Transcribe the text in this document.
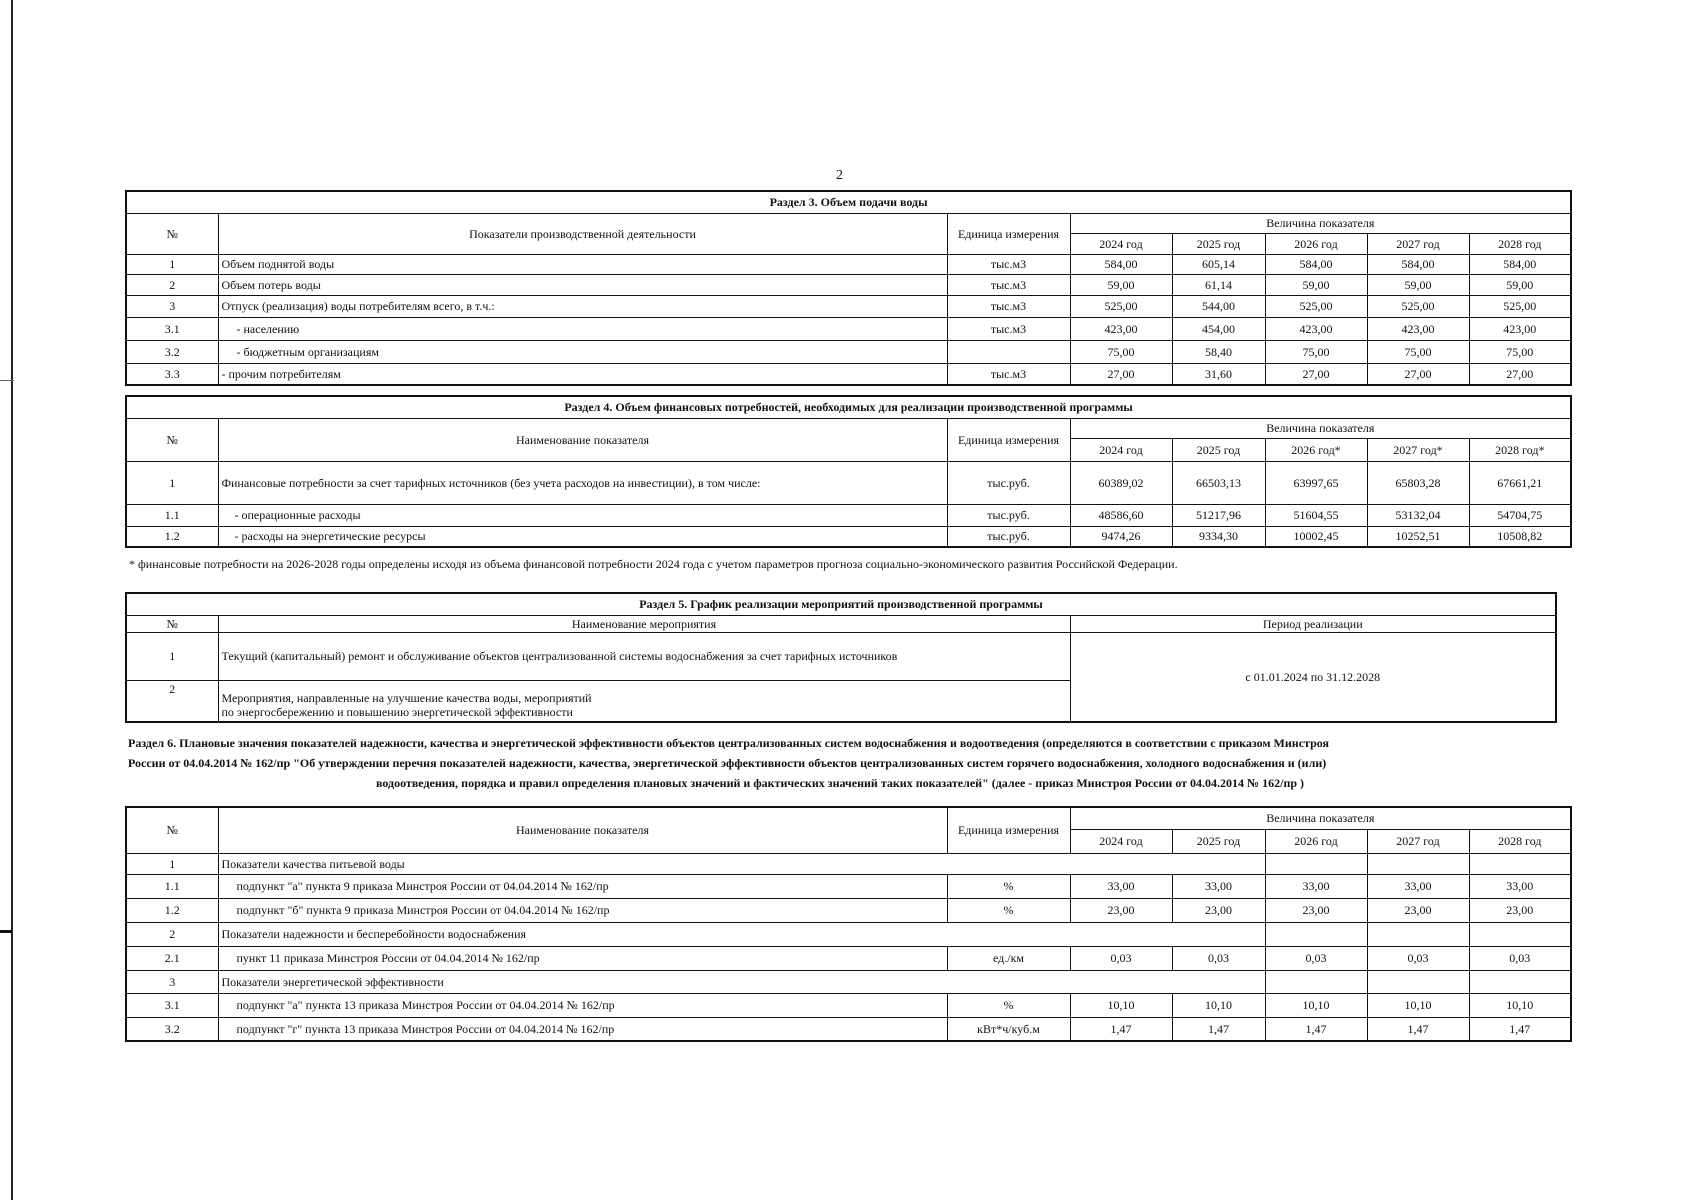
2
Раздел 3. Объем подачи воды							
№	Показатели производственной деятельности	Единица измерения	Величина показателя				
			2024 год	2025 год	2026 год	2027 год	2028 год
1	Объем поднятой воды	тыс.м3	584,00	605,14	584,00	584,00	584,00
2	Объем потерь воды	тыс.м3	59,00	61,14	59,00	59,00	59,00
3	Отпуск (реализация) воды потребителям всего, в т.ч.:	тыс.м3	525,00	544,00	525,00	525,00	525,00
3.1	- населению	тыс.м3	423,00	454,00	423,00	423,00	423,00
3.2	- бюджетным организациям		75,00	58,40	75,00	75,00	75,00
3.3	- прочим потребителям	тыс.м3	27,00	31,60	27,00	27,00	27,00
Раздел 4. Объем финансовых потребностей, необходимых для реализации производственной программы							
№	Наименование показателя	Единица измерения	Величина показателя				
			2024 год	2025 год	2026 год*	2027 год*	2028 год*
1	Финансовые потребности за счет тарифных источников (без учета расходов на инвестиции), в том числе:	тыс.руб.	60389,02	66503,13	63997,65	65803,28	67661,21
1.1	- операционные расходы	тыс.руб.	48586,60	51217,96	51604,55	53132,04	54704,75
1.2	- расходы на энергетические ресурсы	тыс.руб.	9474,26	9334,30	10002,45	10252,51	10508,82
* финансовые потребности на 2026-2028 годы определены исходя из объема финансовой потребности 2024 года с учетом параметров прогноза социально-экономического развития Российской Федерации.
Раздел 5. График реализации мероприятий производственной программы		
№	Наименование мероприятия	Период реализации
1	Текущий (капитальный) ремонт и обслуживание объектов централизованной системы водоснабжения за счет тарифных источников	с 01.01.2024 по 31.12.2028
2	Мероприятия, направленные на улучшение качества воды, мероприятий
по энергосбережению и повышению энергетической эффективности	
Раздел 6. Плановые значения показателей надежности, качества и энергетической эффективности объектов централизованных систем водоснабжения и водоотведения (определяются в соответствии с приказом Минстроя
России от 04.04.2014 № 162/пр "Об утверждении перечня показателей надежности, качества, энергетической эффективности объектов централизованных систем горячего водоснабжения, холодного водоснабжения и (или)
водоотведения, порядка и правил определения плановых значений и фактических значений таких показателей" (далее - приказ Минстроя России от 04.04.2014 № 162/пр )
№	Наименование показателя	Единица измерения	Величина показателя				
			2024 год	2025 год	2026 год	2027 год	2028 год
1	Показатели качества питьевой воды						
1.1	подпункт "а" пункта 9 приказа Минстроя России от 04.04.2014 № 162/пр	%	33,00	33,00	33,00	33,00	33,00
1.2	подпункт "б" пункта 9 приказа Минстроя России от 04.04.2014 № 162/пр	%	23,00	23,00	23,00	23,00	23,00
2	Показатели надежности и бесперебойности водоснабжения						
2.1	пункт 11 приказа Минстроя России от 04.04.2014 № 162/пр	ед./км	0,03	0,03	0,03	0,03	0,03
3	Показатели энергетической эффективности						
3.1	подпункт "а" пункта 13 приказа Минстроя России от 04.04.2014 № 162/пр	%	10,10	10,10	10,10	10,10	10,10
3.2	подпункт "г" пункта 13 приказа Минстроя России от 04.04.2014 № 162/пр	кВт*ч/куб.м	1,47	1,47	1,47	1,47	1,47
